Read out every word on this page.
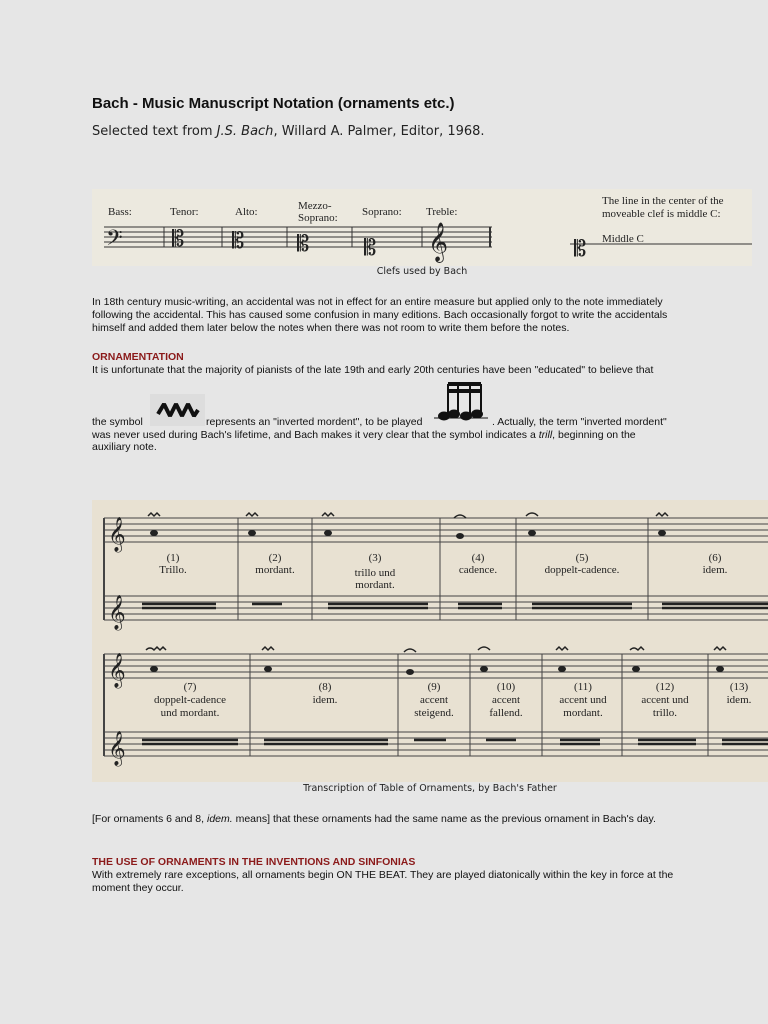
Bach - Music Manuscript Notation (ornaments etc.)
Selected text from J.S. Bach, Willard A. Palmer, Editor, 1968.
𝄢 𝄡 𝄡 𝄡 𝄡 𝄞	𝄡
Bass:	Tenor:	Alto:	Mezzo-
Soprano: Soprano: Treble:
The line in the center of the
moveable clef is middle C:
Middle C
Clefs used by Bach
In 18th century music-writing, an accidental was not in effect for an entire measure but applied only to the note immediately following the accidental. This has caused some confusion in many editions. Bach occasionally forgot to write the accidentals himself and added them later below the notes when there was not room to write them before the notes.
ORNAMENTATION
It is unfortunate that the majority of pianists of the late 19th and early 20th centuries have been "educated" to believe that
the symbol	represents an "inverted mordent", to be played	. Actually, the term "inverted mordent"
was never used during Bach's lifetime, and Bach makes it very clear that the symbol indicates a trill, beginning on the
auxiliary note.
𝄞
𝄞
𝄞
𝄞
(1)
Trillo.
(2)
mordant.
(3)
trillo und
mordant.
(4)
cadence.
(5)
doppelt-cadence.
(6)
idem.
(7)
doppelt-cadence
und mordant.
(8)
idem.
(9)
accent
steigend.
(10)
accent
fallend.
(11)
accent und
mordant.
(12)
accent und
trillo.
(13)
idem.
Transcription of Table of Ornaments, by Bach's Father
[For ornaments 6 and 8, idem. means] that these ornaments had the same name as the previous ornament in Bach's day.
THE USE OF ORNAMENTS IN THE INVENTIONS AND SINFONIAS
With extremely rare exceptions, all ornaments begin ON THE BEAT. They are played diatonically within the key in force at the moment they occur.
